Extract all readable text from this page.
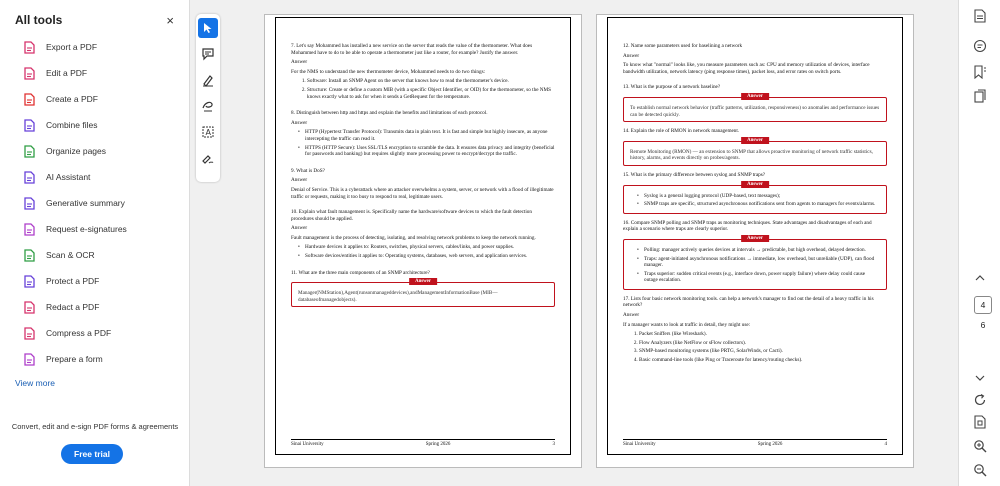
All tools	×
Export a PDF
Edit a PDF
Create a PDF
Combine files
Organize pages
AI Assistant
Generative summary
Request e-signatures
Scan & OCR
Protect a PDF
Redact a PDF
Compress a PDF
Prepare a form
View more
Convert, edit and e-sign PDF forms & agreements
Free trial
A
7. Let's say Mohammed has installed a new service on the server that reads the value of the thermometer. What does Mohammed have to do to be able to operate a thermometer just like a router, for example? Justify the answer.
Answer
For the NMS to understand the new thermometer device, Mohammed needs to do two things:
1. Software: Install an SNMP Agent on the server that knows how to read the thermometer's device.
2. Structure: Create or define a custom MIB (with a specific Object Identifier, or OID) for the thermometer, so the NMS knows exactly what to ask for when it sends a GetRequest for the temperature.
8. Distinguish between http and https and explain the benefits and limitations of each protocol.
Answer
• HTTP (Hypertext Transfer Protocol): Transmits data in plain text. It is fast and simple but highly insecure, as anyone intercepting the traffic can read it.
• HTTPS (HTTP Secure): Uses SSL/TLS encryption to scramble the data. It ensures data privacy and integrity (beneficial for passwords and banking) but requires slightly more processing power to encrypt/decrypt the traffic.
9. What is DoS?
Answer
Denial of Service. This is a cyberattack where an attacker overwhelms a system, server, or network with a flood of illegitimate traffic or requests, making it too busy to respond to real, legitimate users.
10. Explain what fault management is. Specifically name the hardware/software devices to which the fault detection procedures should be applied.
Answer
Fault management is the process of detecting, isolating, and resolving network problems to keep the network running.
• Hardware devices it applies to: Routers, switches, physical servers, cables/links, and power supplies.
• Software devices/entities it applies to: Operating systems, databases, web servers, and application services.
11. What are the three main components of an SNMP architecture?
Answer
Manager(NMStation),Agent(runsonmanageddevices),andManagementInformationBase (MIB—databaseofmanagedobjects).
Sinai University	Spring 2026	3
12. Name some parameters used for baselining a network
Answer
To know what "normal" looks like, you measure parameters such as: CPU and memory utilization of devices, interface bandwidth utilization, network latency (ping response times), packet loss, and error rates on switch ports.
13. What is the purpose of a network baseline?
Answer
To establish normal network behavior (traffic patterns, utilization, responsiveness) so anomalies and performance issues can be detected quickly.
14. Explain the role of RMON in network management.
Answer
Remote Monitoring (RMON) — an extension to SNMP that allows proactive monitoring of network traffic statistics, history, alarms, and events directly on probes/agents.
15. What is the primary difference between syslog and SNMP traps?
Answer
• Syslog is a general logging protocol (UDP-based, text messages);
• SNMP traps are specific, structured asynchronous notifications sent from agents to managers for events/alarms.
16. Compare SNMP polling and SNMP traps as monitoring techniques. State advantages and disadvantages of each and explain a scenario where traps are clearly superior.
Answer
• Polling: manager actively queries devices at intervals → predictable, but high overhead, delayed detection.
• Traps: agent-initiated asynchronous notifications → immediate, low overhead, but unreliable (UDP), can flood manager.
• Traps superior: sudden critical events (e.g., interface down, power supply failure) where delay could cause outage escalation.
17. Lists four basic network monitoring tools. can help a network's manager to find out the detail of a heavy traffic in his network?
Answer
If a manager wants to look at traffic in detail, they might use:
1. Packet Sniffers (like Wireshark).
2. Flow Analyzers (like NetFlow or sFlow collectors).
3. SNMP-based monitoring systems (like PRTG, SolarWinds, or Cacti).
4. Basic command-line tools (like Ping or Traceroute for latency/routing checks).
Sinai University	Spring 2026	4
4
6
